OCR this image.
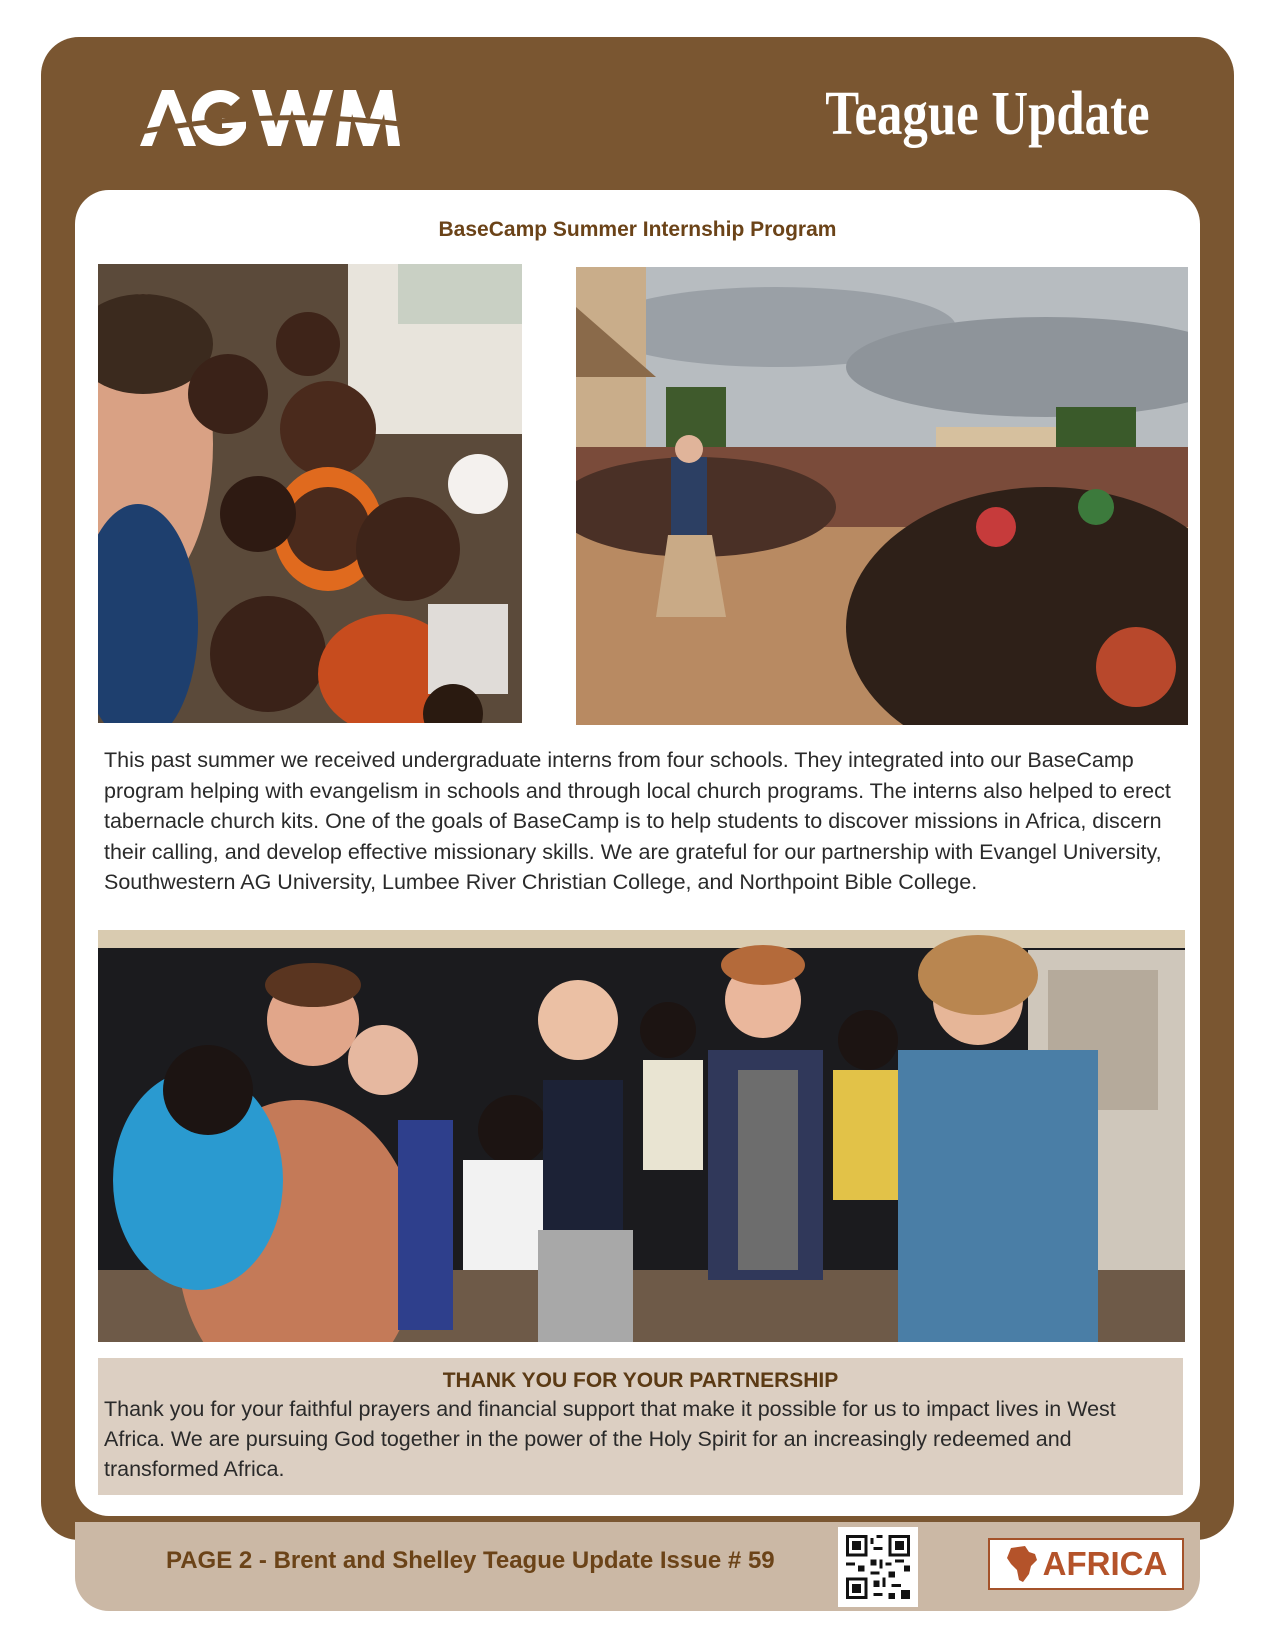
Teague Update
BaseCamp Summer Internship Program
This past summer we received undergraduate interns from four schools. They integrated into our BaseCamp program helping with evangelism in schools and through local church programs. The interns also helped to erect tabernacle church kits. One of the goals of BaseCamp is to help students to discover missions in Africa, discern their calling, and develop effective missionary skills. We are grateful for our partnership with Evangel University, Southwestern AG University, Lumbee River Christian College, and Northpoint Bible College.
THANK YOU FOR YOUR PARTNERSHIP
Thank you for your faithful prayers and financial support that make it possible for us to impact lives in West Africa. We are pursuing God together in the power of the Holy Spirit for an increasingly redeemed and transformed Africa.
PAGE 2 - Brent and Shelley Teague Update Issue # 59	AFRICA
